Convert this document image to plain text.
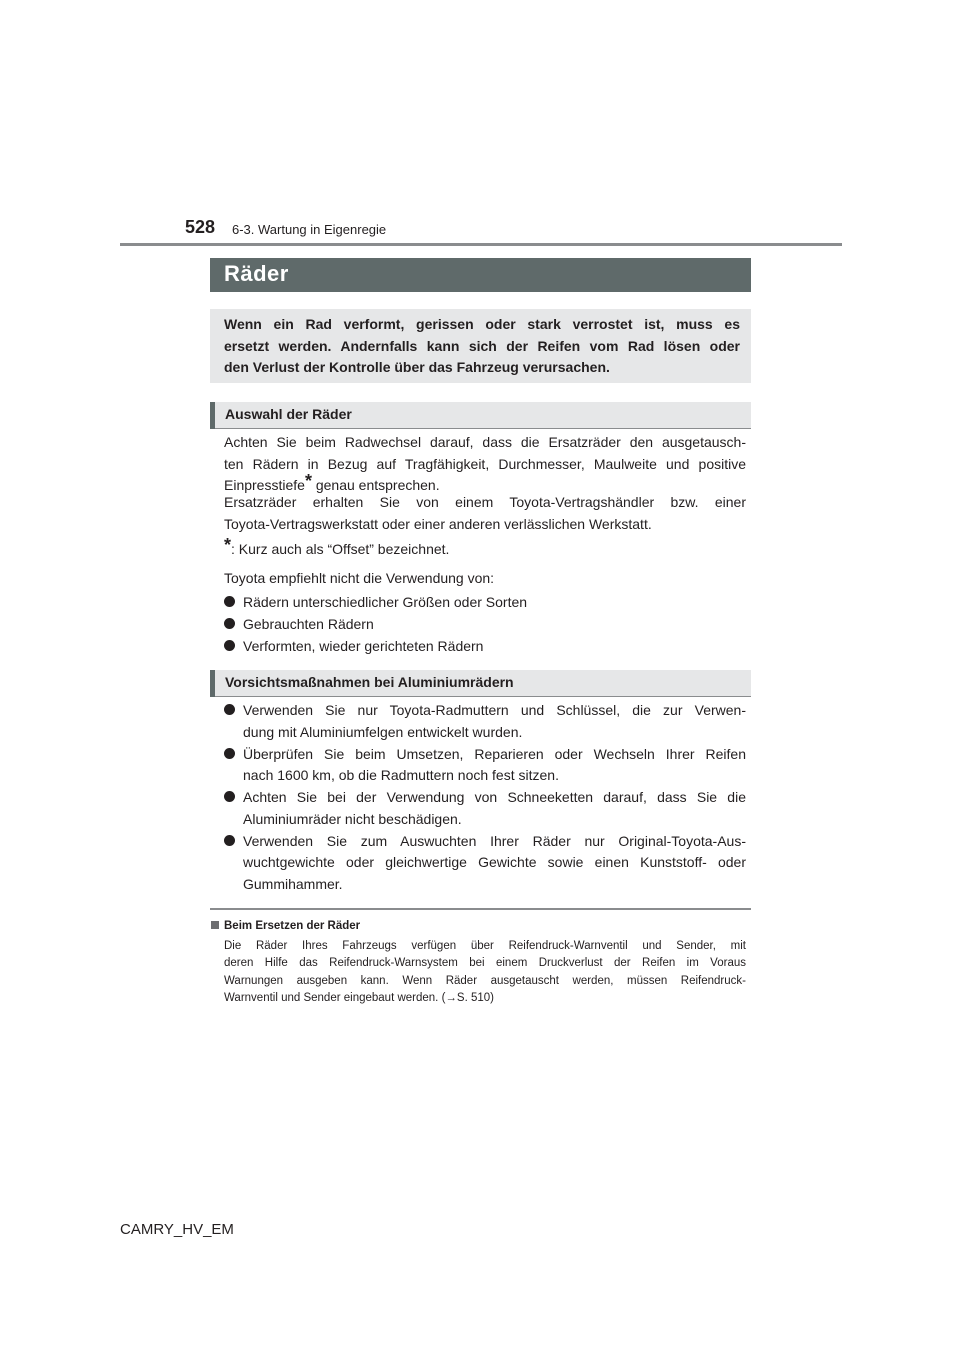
528 6-3. Wartung in Eigenregie
Räder

Wenn ein Rad verformt, gerissen oder stark verrostet ist, muss es
ersetzt werden. Andernfalls kann sich der Reifen vom Rad lösen oder
den Verlust der Kontrolle über das Fahrzeug verursachen.

Auswahl der Räder

Achten Sie beim Radwechsel darauf, dass die Ersatzräder den ausgetausch-
ten Rädern in Bezug auf Tragfähigkeit, Durchmesser, Maulweite und positive
Einpresstiefe* genau entsprechen.

Ersatzräder erhalten Sie von einem Toyota-Vertragshändler bzw. einer
Toyota-Vertragswerkstatt oder einer anderen verlässlichen Werkstatt.

*: Kurz auch als “Offset” bezeichnet.
Toyota empfiehlt nicht die Verwendung von:
Rädern unterschiedlicher Größen oder Sorten
Gebrauchten Rädern
Verformten, wieder gerichteten Rädern
Vorsichtsmaßnahmen bei Aluminiumrädern
Verwenden Sie nur Toyota-Radmuttern und Schlüssel, die zur Verwen-
dung mit Aluminiumfelgen entwickelt wurden.
Überprüfen Sie beim Umsetzen, Reparieren oder Wechseln Ihrer Reifen
nach 1600 km, ob die Radmuttern noch fest sitzen.
Achten Sie bei der Verwendung von Schneeketten darauf, dass Sie die
Aluminiumräder nicht beschädigen.
Verwenden Sie zum Auswuchten Ihrer Räder nur Original-Toyota-Aus-
wuchtgewichte oder gleichwertige Gewichte sowie einen Kunststoff- oder
Gummihammer.
Beim Ersetzen der Räder

Die Räder Ihres Fahrzeugs verfügen über Reifendruck-Warnventil und Sender, mit
deren Hilfe das Reifendruck-Warnsystem bei einem Druckverlust der Reifen im Voraus
Warnungen ausgeben kann. Wenn Räder ausgetauscht werden, müssen Reifendruck-
Warnventil und Sender eingebaut werden. (→S. 510)

CAMRY_HV_EM
